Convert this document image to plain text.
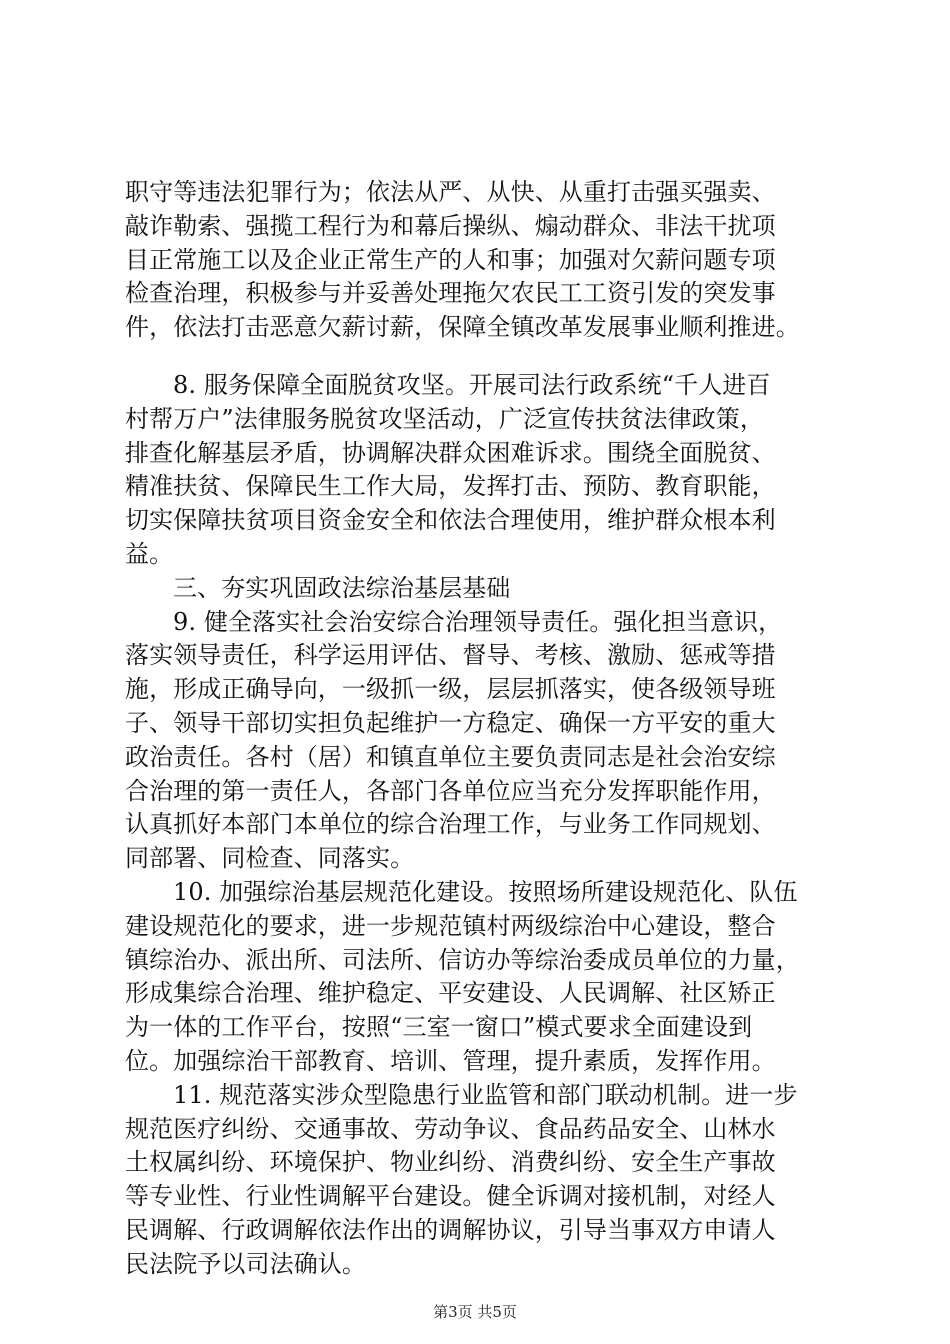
职守等违法犯罪行为；依法从严、从快、从重打击强买强卖、
敲诈勒索、强揽工程行为和幕后操纵、煽动群众、非法干扰项
目正常施工以及企业正常生产的人和事；加强对欠薪问题专项
检查治理，积极参与并妥善处理拖欠农民工工资引发的突发事
件，依法打击恶意欠薪讨薪，保障全镇改革发展事业顺利推进。
8. 服务保障全面脱贫攻坚。开展司法行政系统“千人进百
村帮万户”法律服务脱贫攻坚活动，广泛宣传扶贫法律政策，
排查化解基层矛盾，协调解决群众困难诉求。围绕全面脱贫、
精准扶贫、保障民生工作大局，发挥打击、预防、教育职能，
切实保障扶贫项目资金安全和依法合理使用，维护群众根本利
益。
三、夯实巩固政法综治基层基础
9. 健全落实社会治安综合治理领导责任。强化担当意识，
落实领导责任，科学运用评估、督导、考核、激励、惩戒等措
施，形成正确导向，一级抓一级，层层抓落实，使各级领导班
子、领导干部切实担负起维护一方稳定、确保一方平安的重大
政治责任。各村（居）和镇直单位主要负责同志是社会治安综
合治理的第一责任人，各部门各单位应当充分发挥职能作用，
认真抓好本部门本单位的综合治理工作，与业务工作同规划、
同部署、同检查、同落实。
10. 加强综治基层规范化建设。按照场所建设规范化、队伍
建设规范化的要求，进一步规范镇村两级综治中心建设，整合
镇综治办、派出所、司法所、信访办等综治委成员单位的力量，
形成集综合治理、维护稳定、平安建设、人民调解、社区矫正
为一体的工作平台，按照“三室一窗口”模式要求全面建设到
位。加强综治干部教育、培训、管理，提升素质，发挥作用。
11. 规范落实涉众型隐患行业监管和部门联动机制。进一步
规范医疗纠纷、交通事故、劳动争议、食品药品安全、山林水
土权属纠纷、环境保护、物业纠纷、消费纠纷、安全生产事故
等专业性、行业性调解平台建设。健全诉调对接机制，对经人
民调解、行政调解依法作出的调解协议，引导当事双方申请人
民法院予以司法确认。
第3页 共5页
